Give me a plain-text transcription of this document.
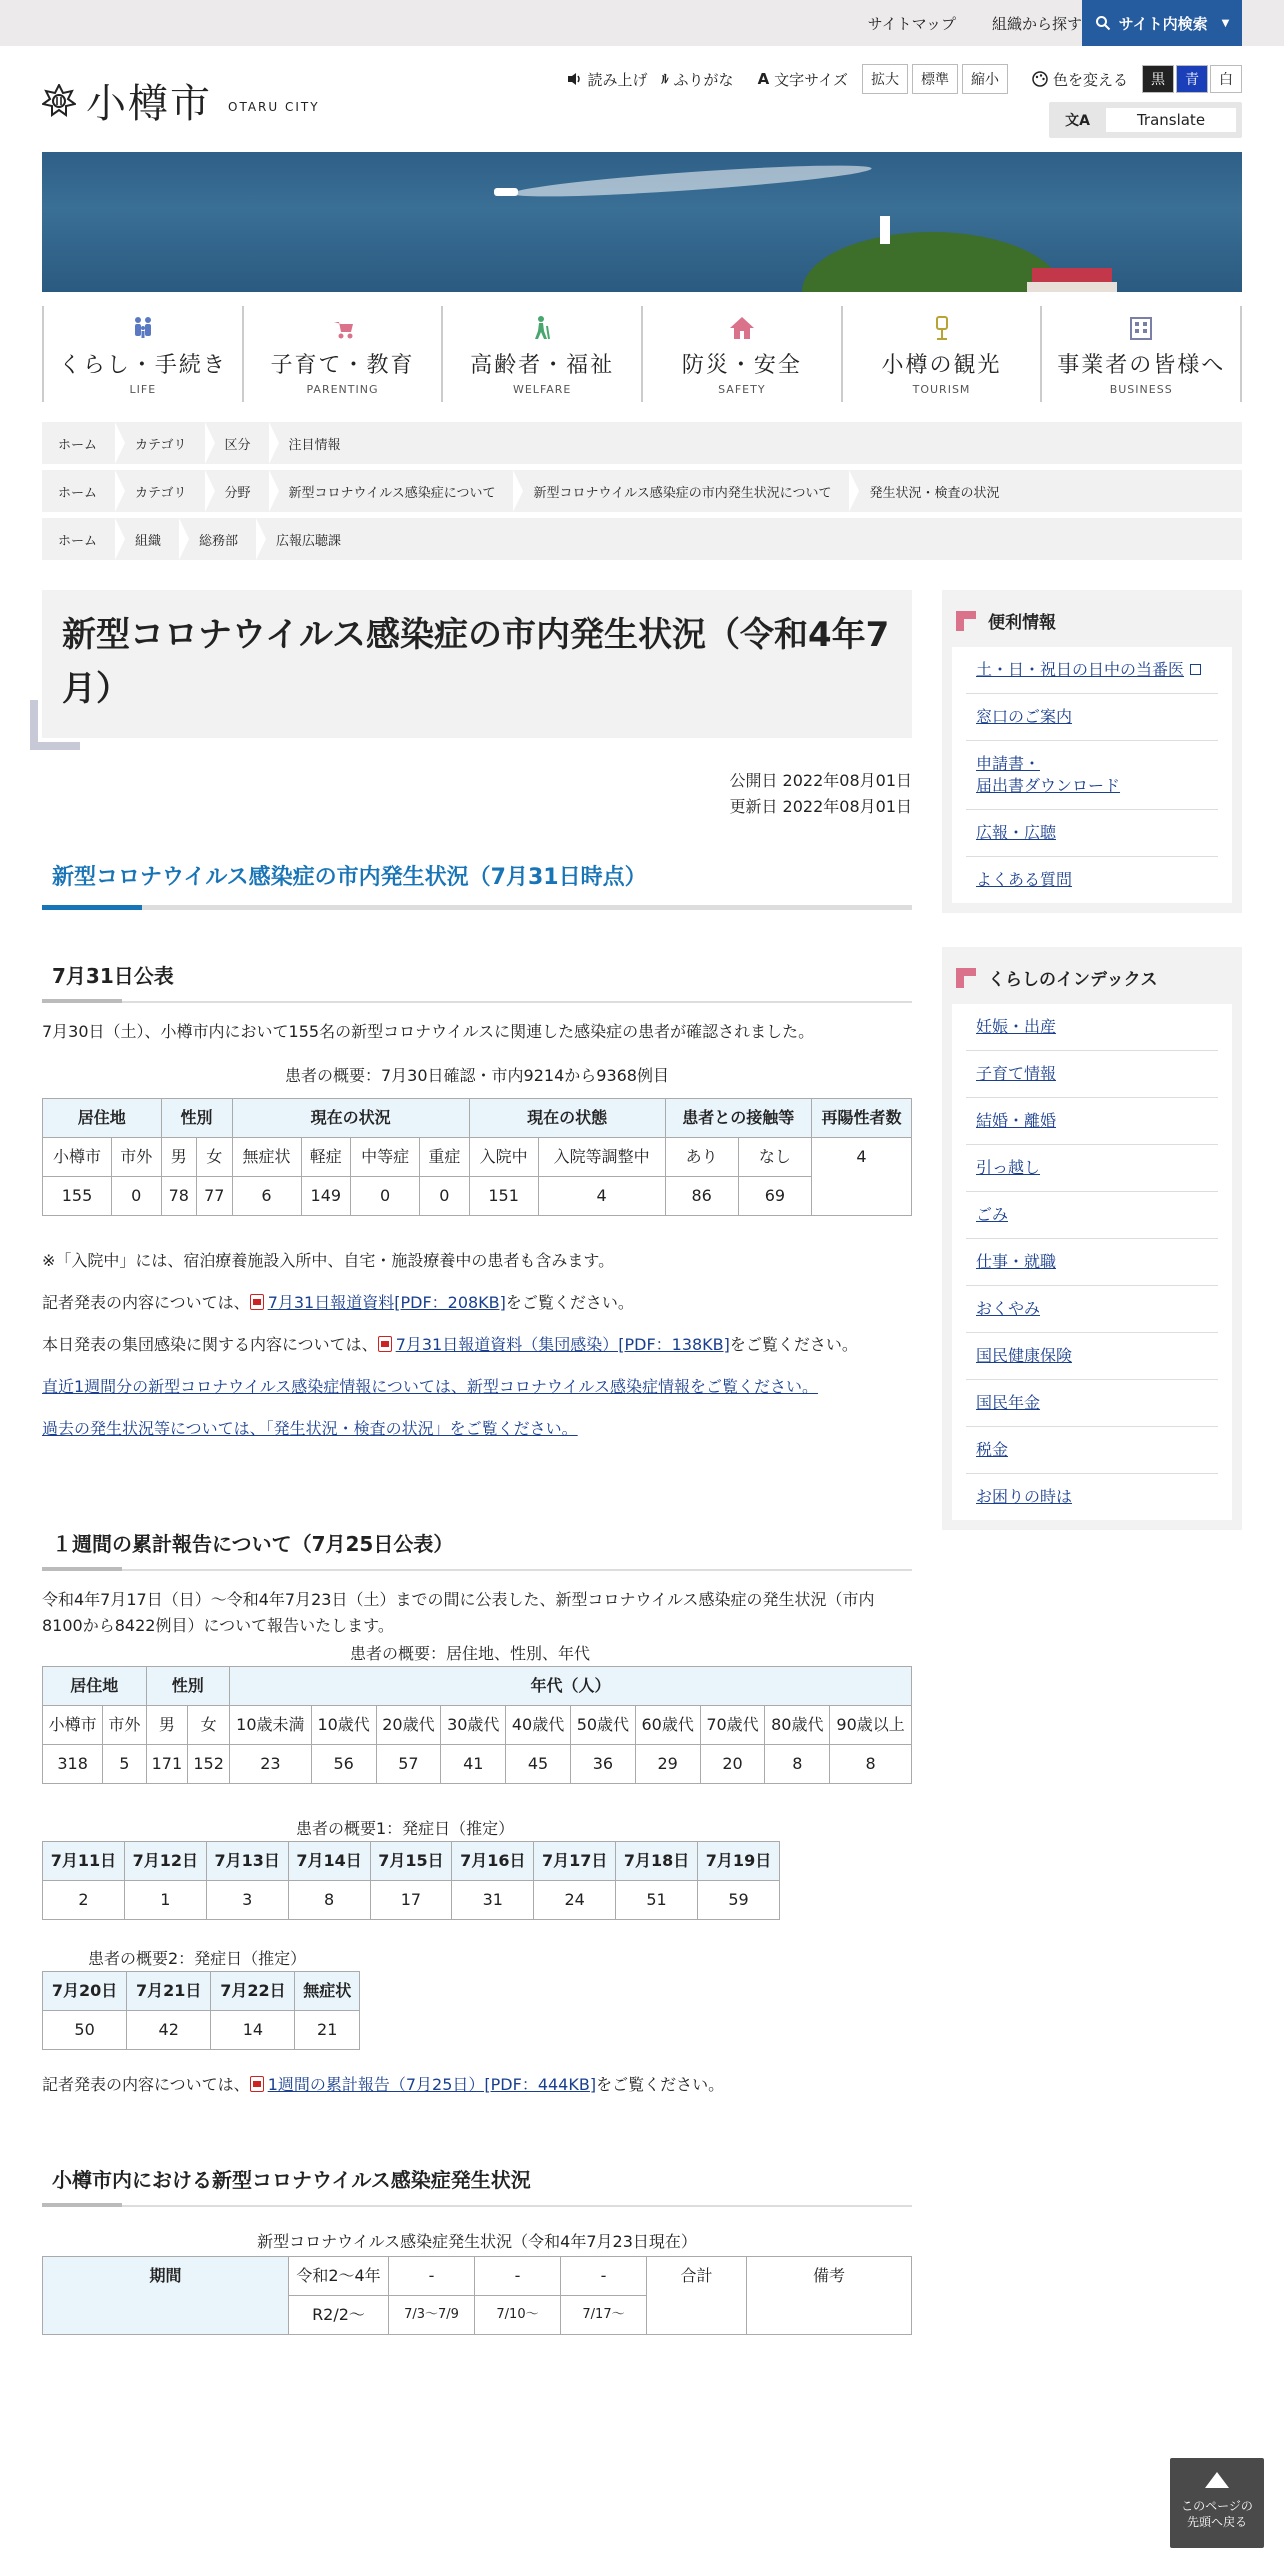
サイトマップ 組織から探す サイト内検索 ▼
小樽市 OTARU CITY
読み上げ ﾙ ふりがな A 文字サイズ	拡大	標準	縮小	色を変える	黒	青	白
文A	Translate
くらし・手続き
LIFE
子育て・教育
PARENTING
高齢者・福祉
WELFARE
防災・安全
SAFETY
小樽の観光
TOURISM
事業者の皆様へ
BUSINESS
ホーム	カテゴリ	区分	注目情報
ホーム	カテゴリ	分野	新型コロナウイルス感染症について	新型コロナウイルス感染症の市内発生状況について	発生状況・検査の状況
ホーム	組織	総務部	広報広聴課
新型コロナウイルス感染症の市内発生状況（令和4年7月）
公開日 2022年08月01日
更新日 2022年08月01日
新型コロナウイルス感染症の市内発生状況（7月31日時点）
7月31日公表

7月30日（土）、小樽市内において155名の新型コロナウイルスに関連した感染症の患者が確認されました。

患者の概要：7月30日確認・市内9214から9368例目
居住地		性別		現在の状況				現在の状態		患者との接触等		再陽性者数
小樽市	市外	男	女	無症状	軽症	中等症	重症	入院中	入院等調整中	あり	なし	4
155	0	78	77	6	149	0	0	151	4	86	69	

※「入院中」には、宿泊療養施設入所中、自宅・施設療養中の患者も含みます。

記者発表の内容については、 7月31日報道資料[PDF：208KB]をご覧ください。

本日発表の集団感染に関する内容については、 7月31日報道資料（集団感染）[PDF：138KB]をご覧ください。

直近1週間分の新型コロナウイルス感染症情報については、新型コロナウイルス感染症情報をご覧ください。

過去の発生状況等については、「発生状況・検査の状況」をご覧ください。

１週間の累計報告について（7月25日公表）

令和4年7月17日（日）～令和4年7月23日（土）までの間に公表した、新型コロナウイルス感染症の発生状況（市内8100から8422例目）について報告いたします。

患者の概要：居住地、性別、年代
居住地		性別		年代（人）									
小樽市	市外	男	女	10歳未満	10歳代	20歳代	30歳代	40歳代	50歳代	60歳代	70歳代	80歳代	90歳以上
318	5	171	152	23	56	57	41	45	36	29	20	8	8
患者の概要1：発症日（推定）
7月11日	7月12日	7月13日	7月14日	7月15日	7月16日	7月17日	7月18日	7月19日
2	1	3	8	17	31	24	51	59
患者の概要2：発症日（推定）
7月20日	7月21日	7月22日	無症状
50	42	14	21

記者発表の内容については、 1週間の累計報告（7月25日）[PDF：444KB]をご覧ください。

小樽市内における新型コロナウイルス感染症発生状況
新型コロナウイルス感染症発生状況（令和4年7月23日現在）
期間	令和2〜4年	-	-	-	合計	備考
	R2/2〜	7/3〜7/9	7/10〜	7/17〜		
便利情報
土・日・祝日の日中の当番医
窓口のご案内
申請書・
届出書ダウンロード
広報・広聴
よくある質問
くらしのインデックス
妊娠・出産
子育て情報
結婚・離婚
引っ越し
ごみ
仕事・就職
おくやみ
国民健康保険
国民年金
税金
お困りの時は
このページの
先頭へ戻る
